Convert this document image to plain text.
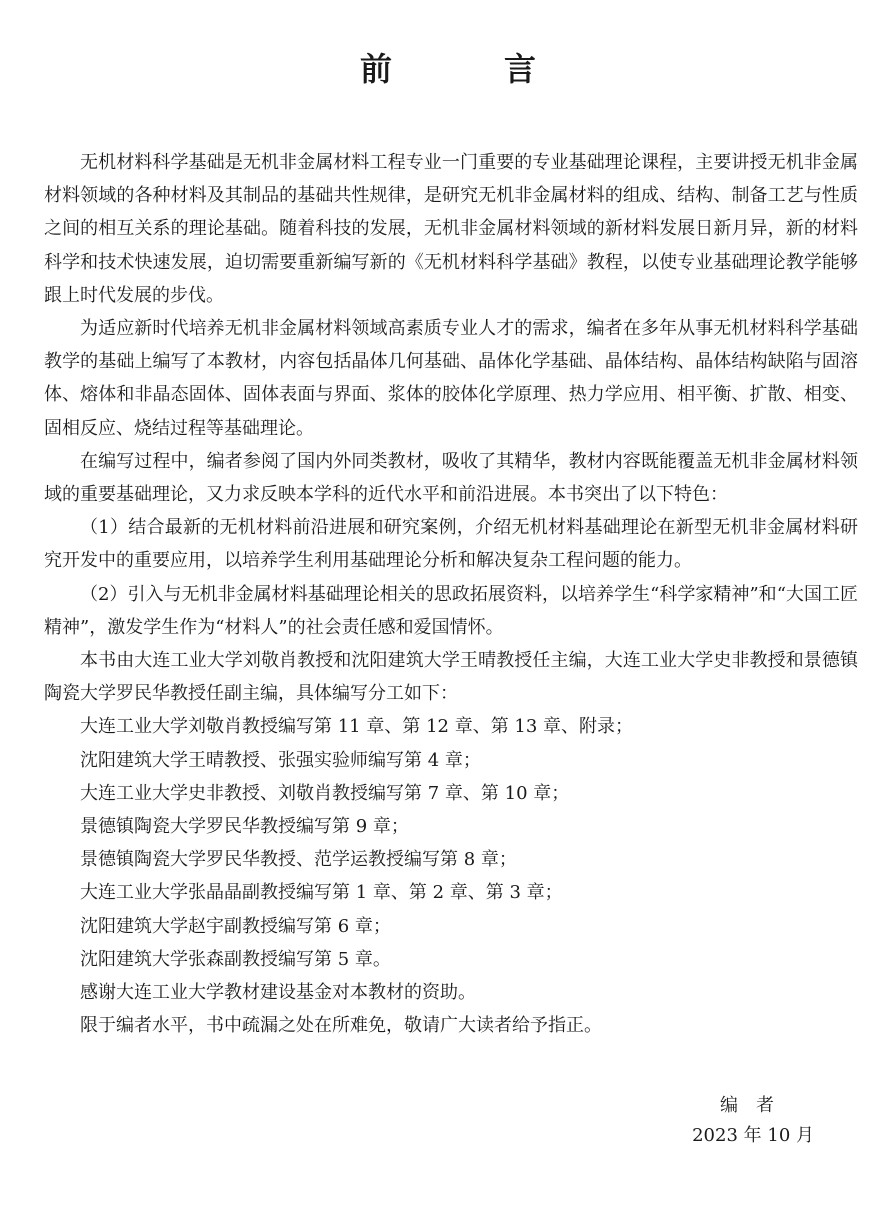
前　言

无机材料科学基础是无机非金属材料工程专业一门重要的专业基础理论课程，主要讲授无机非金属材料领域的各种材料及其制品的基础共性规律，是研究无机非金属材料的组成、结构、制备工艺与性质之间的相互关系的理论基础。随着科技的发展，无机非金属材料领域的新材料发展日新月异，新的材料科学和技术快速发展，迫切需要重新编写新的《无机材料科学基础》教程，以使专业基础理论教学能够跟上时代发展的步伐。

为适应新时代培养无机非金属材料领域高素质专业人才的需求，编者在多年从事无机材料科学基础教学的基础上编写了本教材，内容包括晶体几何基础、晶体化学基础、晶体结构、晶体结构缺陷与固溶体、熔体和非晶态固体、固体表面与界面、浆体的胶体化学原理、热力学应用、相平衡、扩散、相变、固相反应、烧结过程等基础理论。

在编写过程中，编者参阅了国内外同类教材，吸收了其精华，教材内容既能覆盖无机非金属材料领域的重要基础理论，又力求反映本学科的近代水平和前沿进展。本书突出了以下特色：

（1）结合最新的无机材料前沿进展和研究案例，介绍无机材料基础理论在新型无机非金属材料研究开发中的重要应用，以培养学生利用基础理论分析和解决复杂工程问题的能力。

（2）引入与无机非金属材料基础理论相关的思政拓展资料，以培养学生“科学家精神”和“大国工匠精神”，激发学生作为“材料人”的社会责任感和爱国情怀。

本书由大连工业大学刘敬肖教授和沈阳建筑大学王晴教授任主编，大连工业大学史非教授和景德镇陶瓷大学罗民华教授任副主编，具体编写分工如下：

大连工业大学刘敬肖教授编写第 11 章、第 12 章、第 13 章、附录；

沈阳建筑大学王晴教授、张强实验师编写第 4 章；

大连工业大学史非教授、刘敬肖教授编写第 7 章、第 10 章；

景德镇陶瓷大学罗民华教授编写第 9 章；

景德镇陶瓷大学罗民华教授、范学运教授编写第 8 章；

大连工业大学张晶晶副教授编写第 1 章、第 2 章、第 3 章；

沈阳建筑大学赵宇副教授编写第 6 章；

沈阳建筑大学张森副教授编写第 5 章。

感谢大连工业大学教材建设基金对本教材的资助。

限于编者水平，书中疏漏之处在所难免，敬请广大读者给予指正。

编者
2023 年 10 月
